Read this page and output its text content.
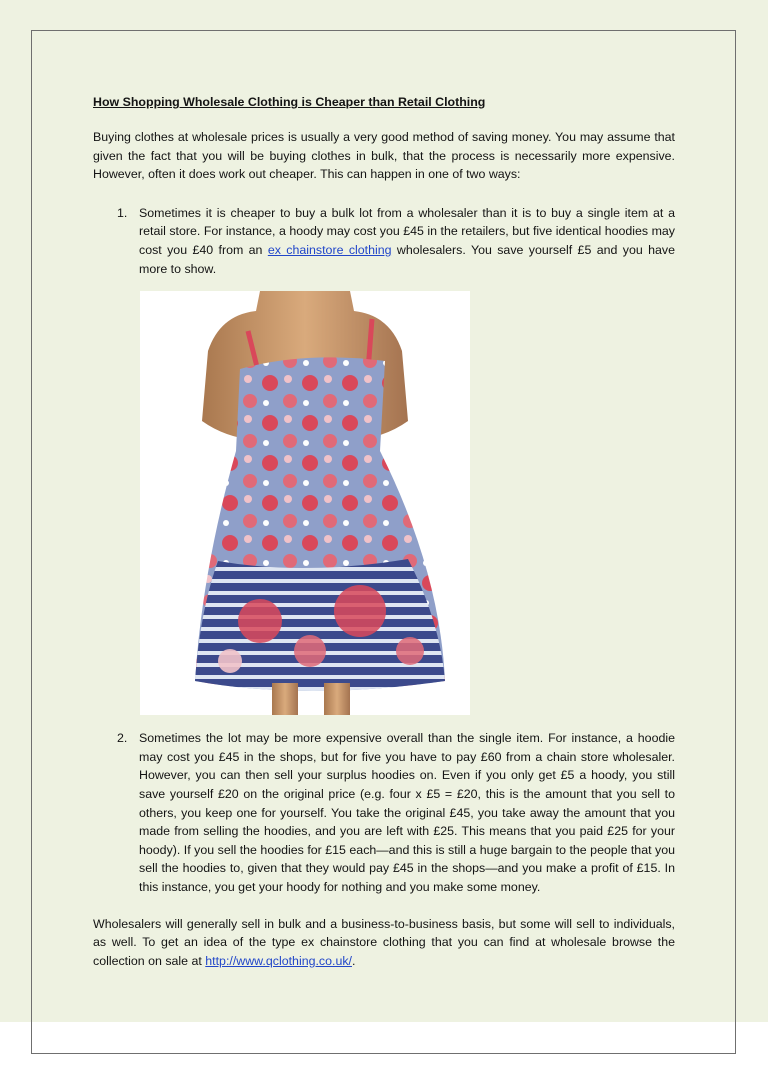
How Shopping Wholesale Clothing is Cheaper than Retail Clothing

Buying clothes at wholesale prices is usually a very good method of saving money. You may assume that given the fact that you will be buying clothes in bulk, that the process is necessarily more expensive. However, often it does work out cheaper. This can happen in one of two ways:

1. Sometimes it is cheaper to buy a bulk lot from a wholesaler than it is to buy a single item at a retail store. For instance, a hoody may cost you £45 in the retailers, but five identical hoodies may cost you £40 from an ex chainstore clothing wholesalers. You save yourself £5 and you have more to show.

2. Sometimes the lot may be more expensive overall than the single item. For instance, a hoodie may cost you £45 in the shops, but for five you have to pay £60 from a chain store wholesaler. However, you can then sell your surplus hoodies on. Even if you only get £5 a hoody, you still save yourself £20 on the original price (e.g. four x £5 = £20, this is the amount that you sell to others, you keep one for yourself. You take the original £45, you take away the amount that you made from selling the hoodies, and you are left with £25. This means that you paid £25 for your hoody). If you sell the hoodies for £15 each—and this is still a huge bargain to the people that you sell the hoodies to, given that they would pay £45 in the shops—and you make a profit of £15. In this instance, you get your hoody for nothing and you make some money.

Wholesalers will generally sell in bulk and a business-to-business basis, but some will sell to individuals, as well. To get an idea of the type ex chainstore clothing that you can find at wholesale browse the collection on sale at http://www.qclothing.co.uk/.
